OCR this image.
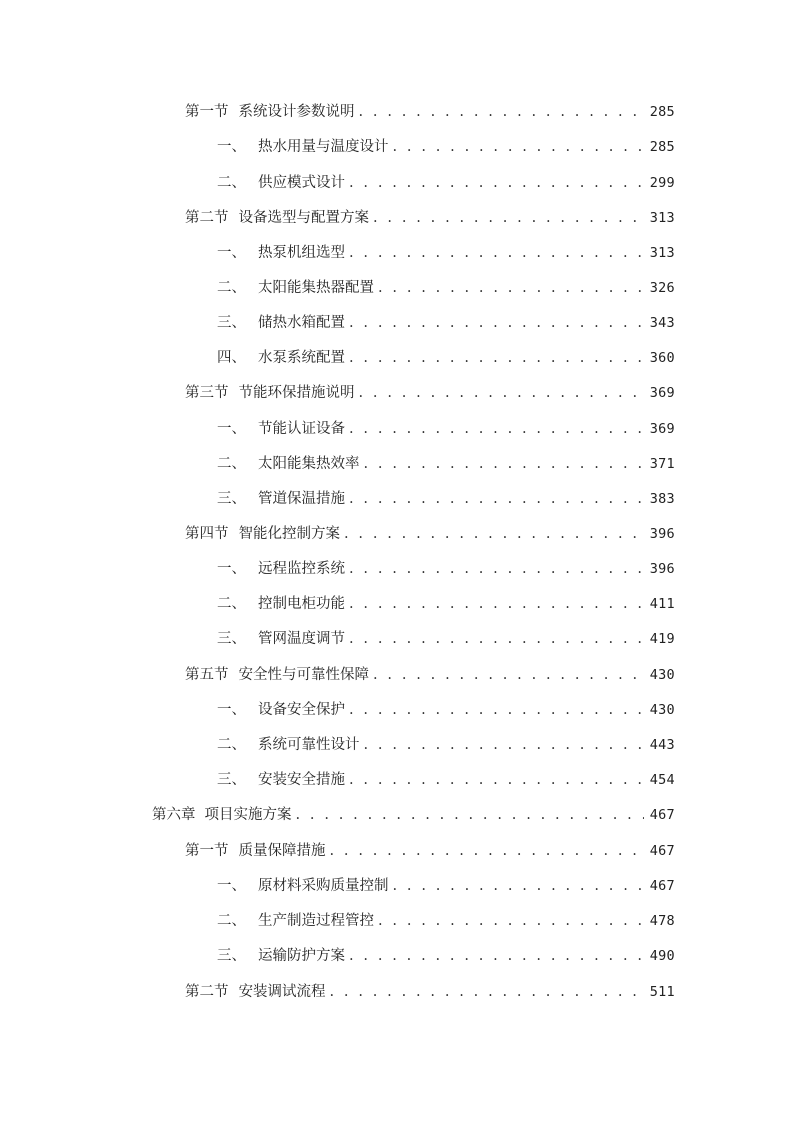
第一节 系统设计参数说明 . . .	285
一、 热水用量与温度设计 . . .	285
二、 供应模式设计 . . .	299
第二节 设备选型与配置方案 . . .	313
一、 热泵机组选型 . . .	313
二、 太阳能集热器配置 . . .	326
三、 储热水箱配置 . . .	343
四、 水泵系统配置 . . .	360
第三节 节能环保措施说明 . . .	369
一、 节能认证设备 . . .	369
二、 太阳能集热效率 . . .	371
三、 管道保温措施 . . .	383
第四节 智能化控制方案 . . .	396
一、 远程监控系统 . . .	396
二、 控制电柜功能 . . .	411
三、 管网温度调节 . . .	419
第五节 安全性与可靠性保障 . . .	430
一、 设备安全保护 . . .	430
二、 系统可靠性设计 . . .	443
三、 安装安全措施 . . .	454
第六章 项目实施方案 . . .	467
第一节 质量保障措施 . . .	467
一、 原材料采购质量控制 . . .	467
二、 生产制造过程管控 . . .	478
三、 运输防护方案 . . .	490
第二节 安装调试流程 . . .	511
